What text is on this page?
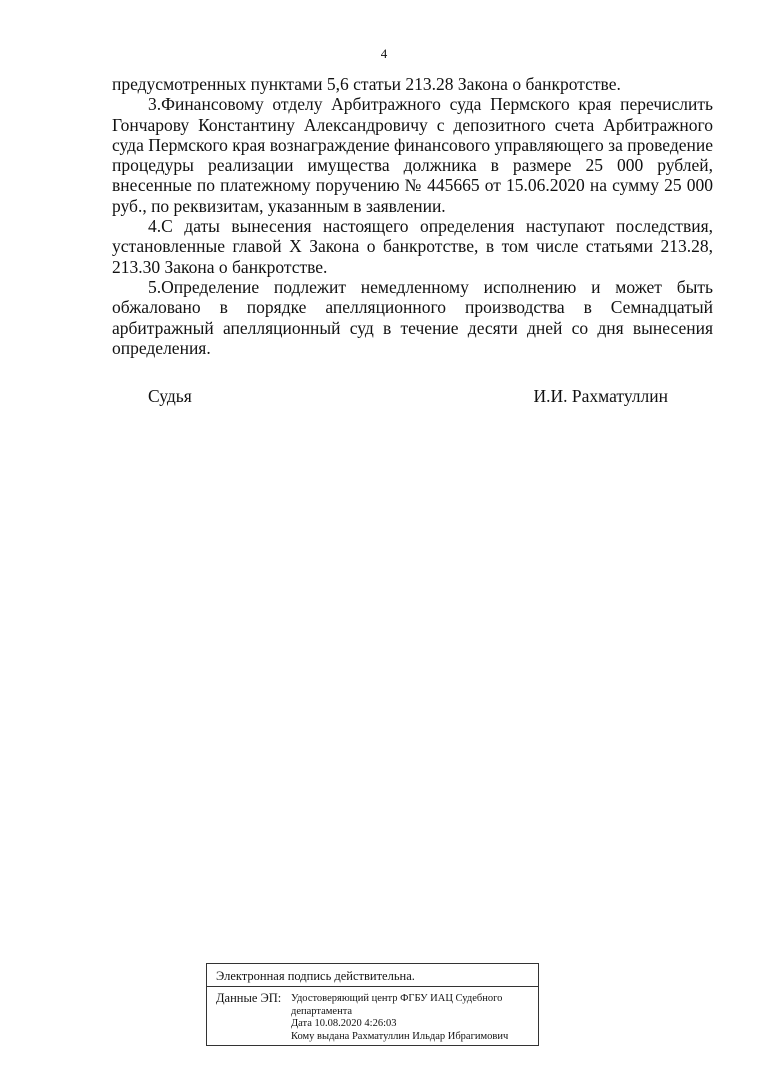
4

предусмотренных пунктами 5,6 статьи 213.28 Закона о банкротстве.

3.Финансовому отделу Арбитражного суда Пермского края перечислить Гончарову Константину Александровичу с депозитного счета Арбитражного суда Пермского края вознаграждение финансового управляющего за проведение процедуры реализации имущества должника в размере 25 000 рублей, внесенные по платежному поручению № 445665 от 15.06.2020 на сумму 25 000 руб., по реквизитам, указанным в заявлении.

4.С даты вынесения настоящего определения наступают последствия, установленные главой X Закона о банкротстве, в том числе статьями 213.28, 213.30 Закона о банкротстве.

5.Определение подлежит немедленному исполнению и может быть обжаловано в порядке апелляционного производства в Семнадцатый арбитражный апелляционный суд в течение десяти дней со дня вынесения определения.

Судья	И.И. Рахматуллин
Электронная подпись действительна.
Данные ЭП: Удостоверяющий центр ФГБУ ИАЦ Судебного
департамента
Дата 10.08.2020 4:26:03
Кому выдана Рахматуллин Ильдар Ибрагимович
